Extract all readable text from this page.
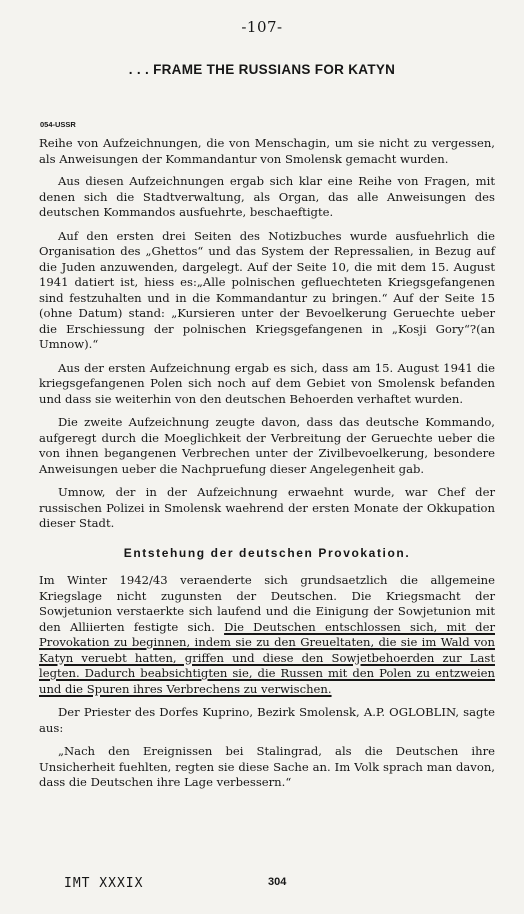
-107-
. . . FRAME THE RUSSIANS FOR KATYN
054-USSR

Reihe von Aufzeichnungen, die von Menschagin, um sie nicht zu vergessen, als Anweisungen der Kommandantur von Smolensk gemacht wurden.

Aus diesen Aufzeichnungen ergab sich klar eine Reihe von Fragen, mit denen sich die Stadtverwaltung, als Organ, das alle Anweisungen des deutschen Kommandos ausfuehrte, beschaeftigte.

Auf den ersten drei Seiten des Notizbuches wurde ausfuehrlich die Organisation des „Ghettos“ und das System der Repressalien, in Bezug auf die Juden anzuwenden, dargelegt. Auf der Seite 10, die mit dem 15. August 1941 datiert ist, hiess es:„Alle polnischen gefluechteten Kriegsgefangenen sind festzuhalten und in die Kommandantur zu bringen.“ Auf der Seite 15 (ohne Datum) stand: „Kursieren unter der Bevoelkerung Geruechte ueber die Erschiessung der polnischen Kriegsgefangenen in „Kosji Gory“?(an Umnow).“

Aus der ersten Aufzeichnung ergab es sich, dass am 15. August 1941 die kriegsgefangenen Polen sich noch auf dem Gebiet von Smolensk befanden und dass sie weiterhin von den deutschen Behoerden verhaftet wurden.

Die zweite Aufzeichnung zeugte davon, dass das deutsche Kommando, aufgeregt durch die Moeglichkeit der Verbreitung der Geruechte ueber die von ihnen begangenen Verbrechen unter der Zivilbevoelkerung, besondere Anweisungen ueber die Nachpruefung dieser Angelegenheit gab.

Umnow, der in der Aufzeichnung erwaehnt wurde, war Chef der russischen Polizei in Smolensk waehrend der ersten Monate der Okkupation dieser Stadt.

Entstehung der deutschen Provokation.

Im Winter 1942/43 veraenderte sich grundsaetzlich die allgemeine Kriegslage nicht zugunsten der Deutschen. Die Kriegsmacht der Sowjetunion verstaerkte sich laufend und die Einigung der Sowjetunion mit den Alliierten festigte sich. Die Deutschen entschlossen sich, mit der Provokation zu beginnen, indem sie zu den Greueltaten, die sie im Wald von Katyn veruebt hatten, griffen und diese den Sowjetbehoerden zur Last legten. Dadurch beabsichtigten sie, die Russen mit den Polen zu entzweien und die Spuren ihres Verbrechens zu verwischen.

Der Priester des Dorfes Kuprino, Bezirk Smolensk, A.P. OGLOBLIN, sagte aus:

„Nach den Ereignissen bei Stalingrad, als die Deutschen ihre Unsicherheit fuehlten, regten sie diese Sache an. Im Volk sprach man davon, dass die Deutschen ihre Lage verbessern.“

IMT XXXIX	304
